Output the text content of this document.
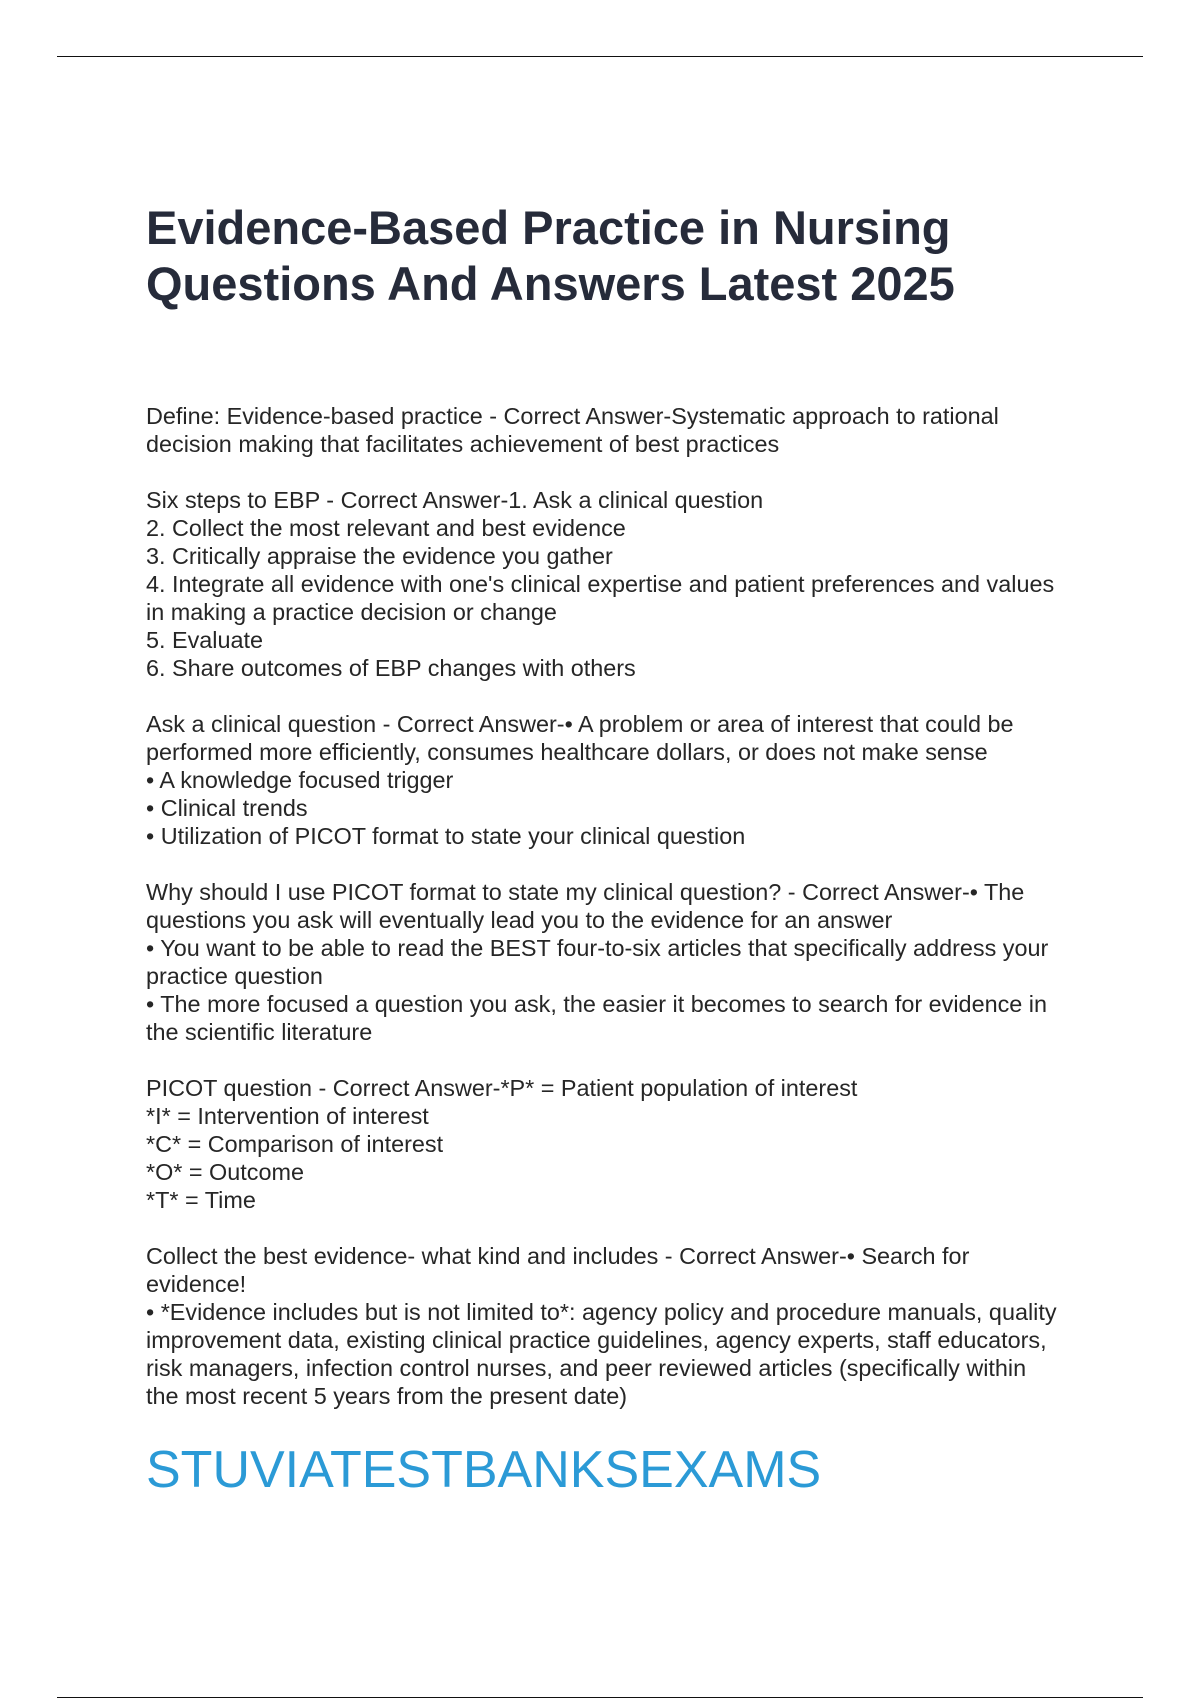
Evidence-Based Practice in Nursing
Questions And Answers Latest 2025
Define: Evidence-based practice - Correct Answer-Systematic approach to rational
decision making that facilitates achievement of best practices
Six steps to EBP - Correct Answer-1. Ask a clinical question
2. Collect the most relevant and best evidence
3. Critically appraise the evidence you gather
4. Integrate all evidence with one's clinical expertise and patient preferences and values
in making a practice decision or change
5. Evaluate
6. Share outcomes of EBP changes with others
Ask a clinical question - Correct Answer-• A problem or area of interest that could be
performed more efficiently, consumes healthcare dollars, or does not make sense
• A knowledge focused trigger
• Clinical trends
• Utilization of PICOT format to state your clinical question
Why should I use PICOT format to state my clinical question? - Correct Answer-• The
questions you ask will eventually lead you to the evidence for an answer
• You want to be able to read the BEST four-to-six articles that specifically address your
practice question
• The more focused a question you ask, the easier it becomes to search for evidence in
the scientific literature
PICOT question - Correct Answer-*P* = Patient population of interest
*I* = Intervention of interest
*C* = Comparison of interest
*O* = Outcome
*T* = Time
Collect the best evidence- what kind and includes - Correct Answer-• Search for
evidence!
• *Evidence includes but is not limited to*: agency policy and procedure manuals, quality
improvement data, existing clinical practice guidelines, agency experts, staff educators,
risk managers, infection control nurses, and peer reviewed articles (specifically within
the most recent 5 years from the present date)
STUVIATESTBANKSEXAMS
